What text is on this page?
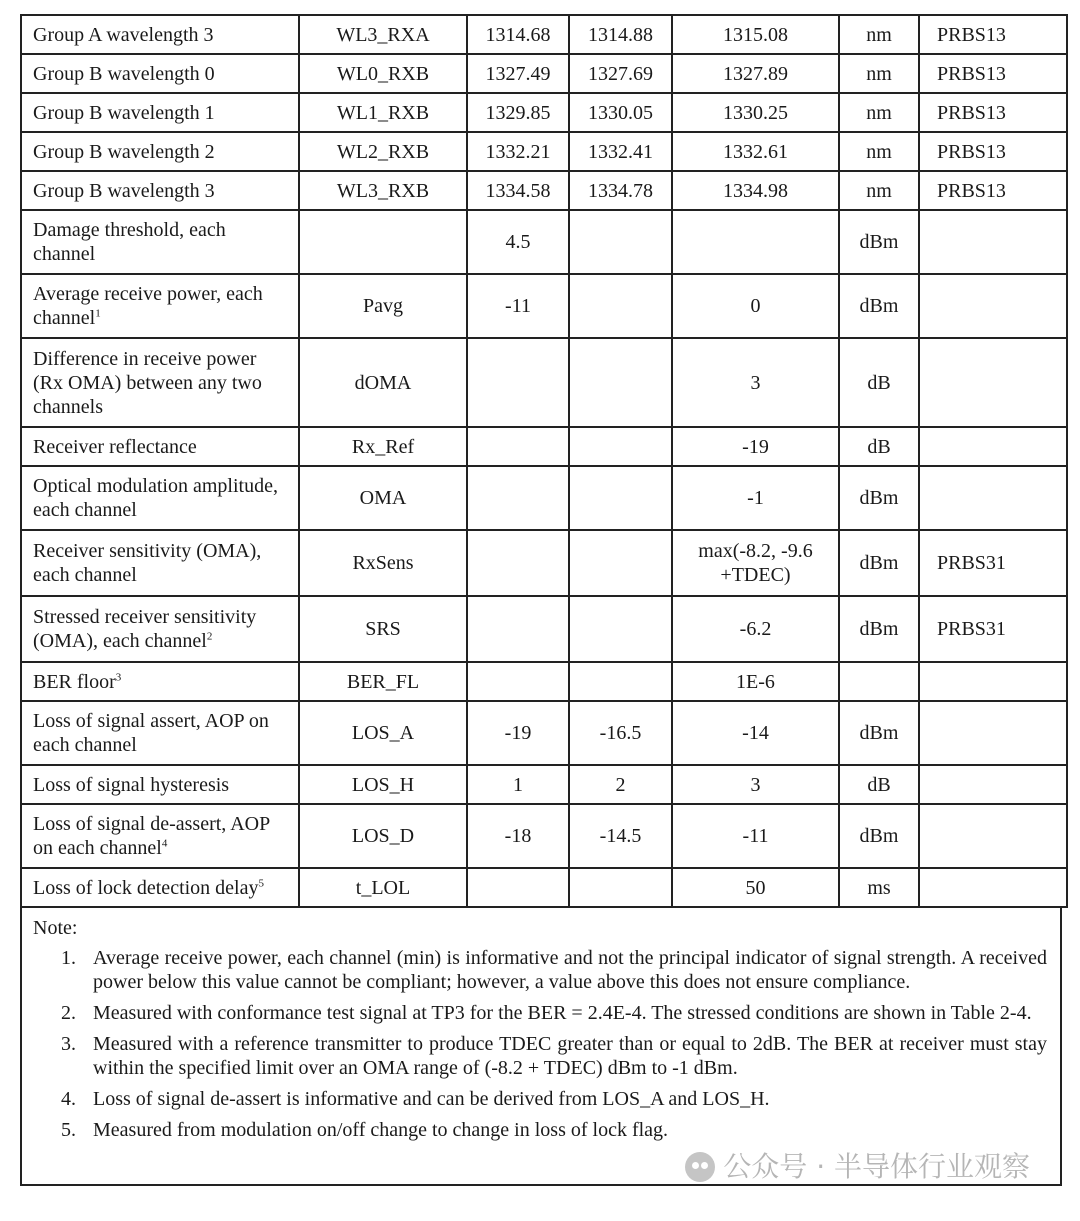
Group A wavelength 3	WL3_RXA	1314.68	1314.88	1315.08	nm	PRBS13
Group B wavelength 0	WL0_RXB	1327.49	1327.69	1327.89	nm	PRBS13
Group B wavelength 1	WL1_RXB	1329.85	1330.05	1330.25	nm	PRBS13
Group B wavelength 2	WL2_RXB	1332.21	1332.41	1332.61	nm	PRBS13
Group B wavelength 3	WL3_RXB	1334.58	1334.78	1334.98	nm	PRBS13
Damage threshold, each channel		4.5			dBm	
Average receive power, each channel$^1$	Pavg	-11		0	dBm	
Difference in receive power (Rx OMA) between any two channels	dOMA			3	dB	
Receiver reflectance	Rx_Ref			-19	dB	
Optical modulation amplitude, each channel	OMA			-1	dBm	
Receiver sensitivity (OMA), each channel	RxSens			max(-8.2, -9.6 +TDEC)	dBm	PRBS31
Stressed receiver sensitivity (OMA), each channel$^2$	SRS			-6.2	dBm	PRBS31
BER floor$^3$	BER_FL			1E-6		
Loss of signal assert, AOP on each channel	LOS_A	-19	-16.5	-14	dBm	
Loss of signal hysteresis	LOS_H	1	2	3	dB	
Loss of signal de-assert, AOP on each channel$^4$	LOS_D	-18	-14.5	-11	dBm	
Loss of lock detection delay$^5$	t_LOL			50	ms	
Note:
1. Average receive power, each channel (min) is informative and not the principal indicator of signal strength. A received power below this value cannot be compliant; however, a value above this does not ensure compliance.
2. Measured with conformance test signal at TP3 for the BER = 2.4E-4. The stressed conditions are shown in Table 2-4.
3. Measured with a reference transmitter to produce TDEC greater than or equal to 2dB. The BER at receiver must stay within the specified limit over an OMA range of (-8.2 + TDEC) dBm to -1 dBm.
4. Loss of signal de-assert is informative and can be derived from LOS_A and LOS_H.
5. Measured from modulation on/off change to change in loss of lock flag.
公众号 · 半导体行业观察
